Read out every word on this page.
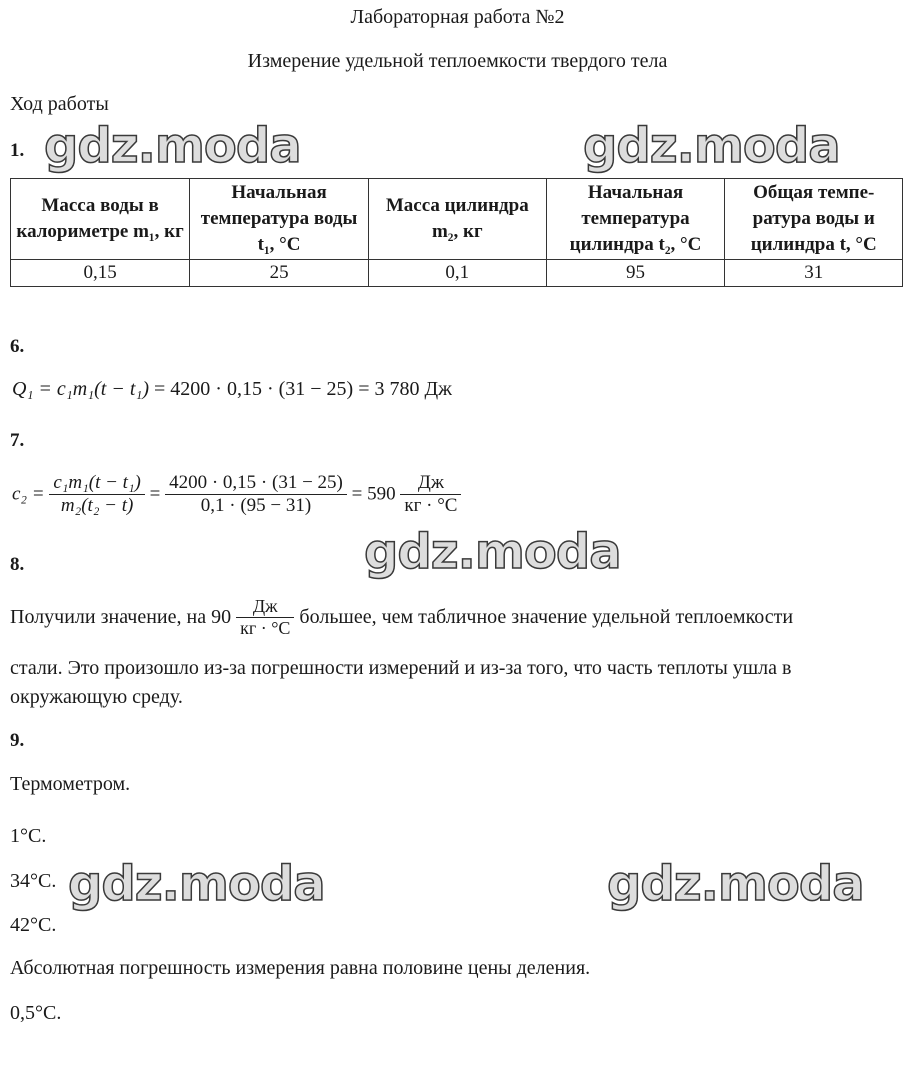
Лабораторная работа №2
Измерение удельной теплоемкости твердого тела
Ход работы
1.
Масса воды в калориметре m₁, кг	Начальная температура воды t₁, °C	Масса цилиндра m₂, кг	Начальная температура цилиндра t₂, °C	Общая темпе-ратура воды и цилиндра t, °C
0,15	25	0,1	95	31
6.
Q₁ = c₁m₁(t − t₁) = 4200 · 0,15 · (31 − 25) = 3 780 Дж
7.
$c_2 = \frac{\text{c₁m₁(t − t₁)}}{\text{m₂(t₂ − t)}} = \frac{4200 \cdot 0,15 \cdot (31 - 25)}{0,1 \cdot (95 - 31)} = 590 \frac{Дж}{кг \cdot ^\circ C}$
8.
Получили значение, на $90 \frac{Дж}{кг \cdot ^\circ C}$ большее, чем табличное значение удельной теплоемкости
стали. Это произошло из-за погрешности измерений и из-за того, что часть теплоты ушла в
окружающую среду.
9.
Термометром.
1°C.
34°C.
42°C.
Абсолютная погрешность измерения равна половине цены деления.
0,5°C.
gdz.moda	gdz.moda
gdz.moda
gdz.moda	gdz.moda
